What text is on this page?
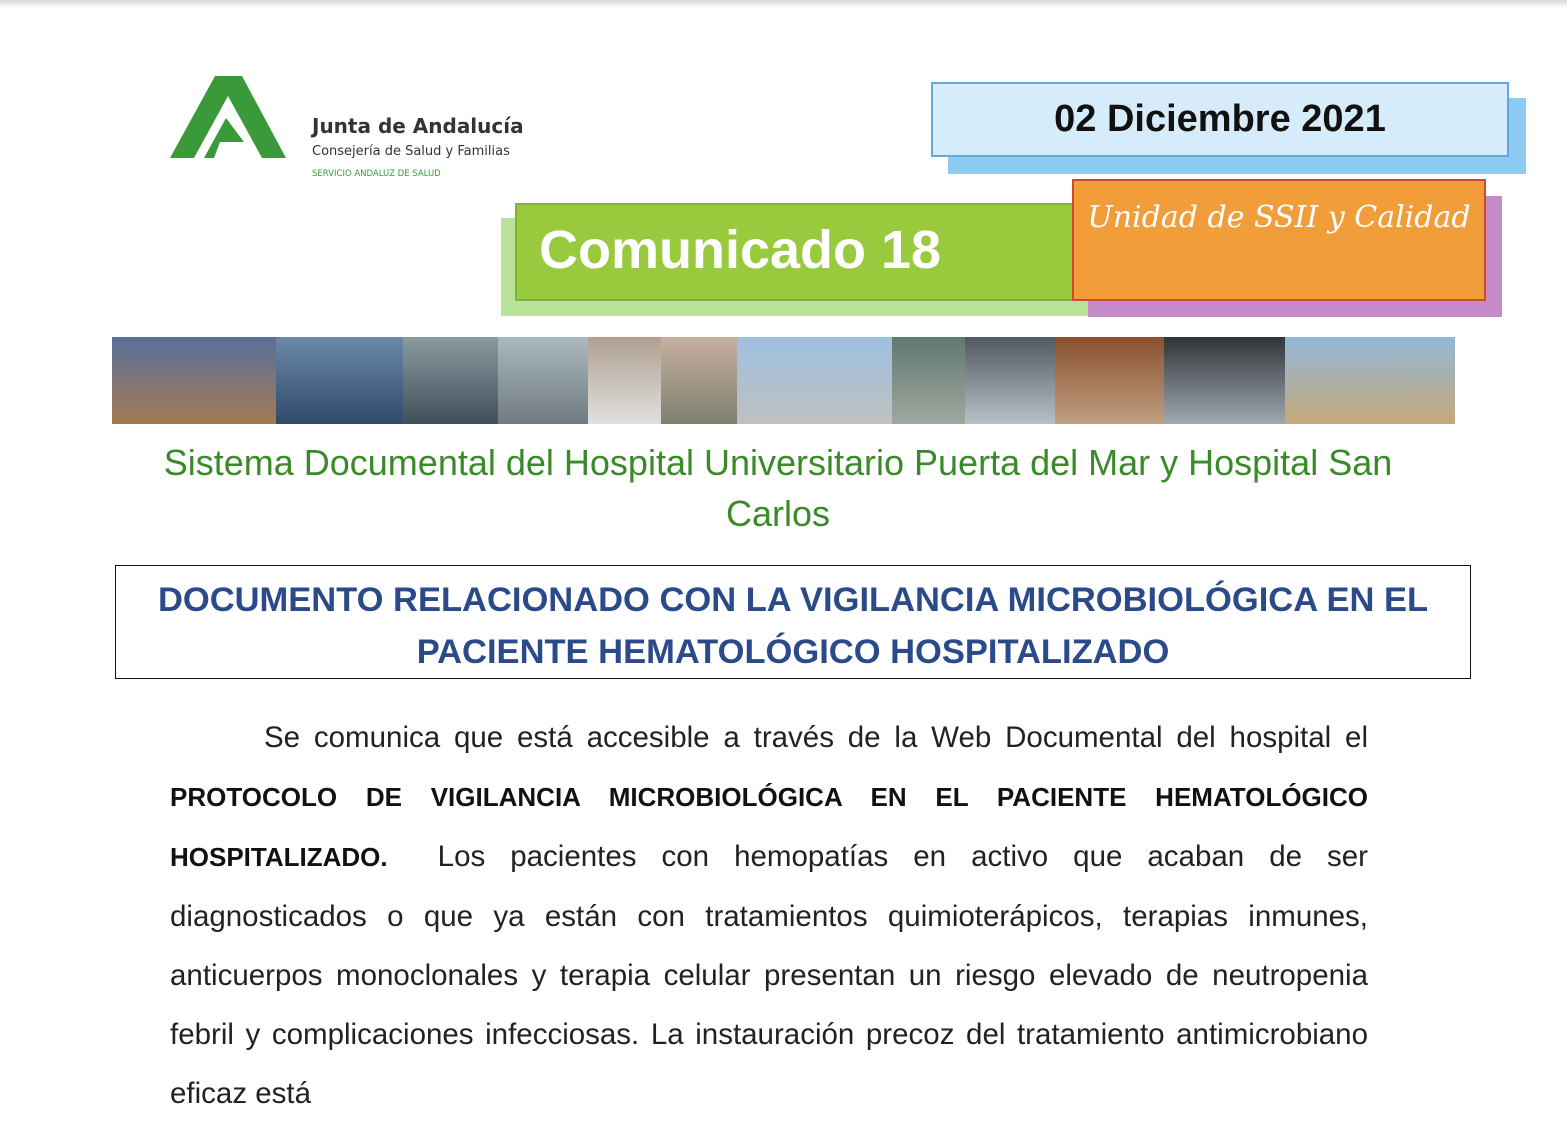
Junta de Andalucía
Consejería de Salud y Familias
SERVICIO ANDALUZ DE SALUD
02 Diciembre 2021
Comunicado 18
Unidad de SSII y Calidad
Sistema Documental del Hospital Universitario Puerta del Mar y Hospital San Carlos
DOCUMENTO RELACIONADO CON LA VIGILANCIA MICROBIOLÓGICA EN EL PACIENTE HEMATOLÓGICO HOSPITALIZADO

Se comunica que está accesible a través de la Web Documental del hospital el PROTOCOLO DE VIGILANCIA MICROBIOLÓGICA EN EL PACIENTE HEMATOLÓGICO HOSPITALIZADO. Los pacientes con hemopatías en activo que acaban de ser diagnosticados o que ya están con tratamientos quimioterápicos, terapias inmunes, anticuerpos monoclonales y terapia celular presentan un riesgo elevado de neutropenia febril y complicaciones infecciosas. La instauración precoz del tratamiento antimicrobiano eficaz está
